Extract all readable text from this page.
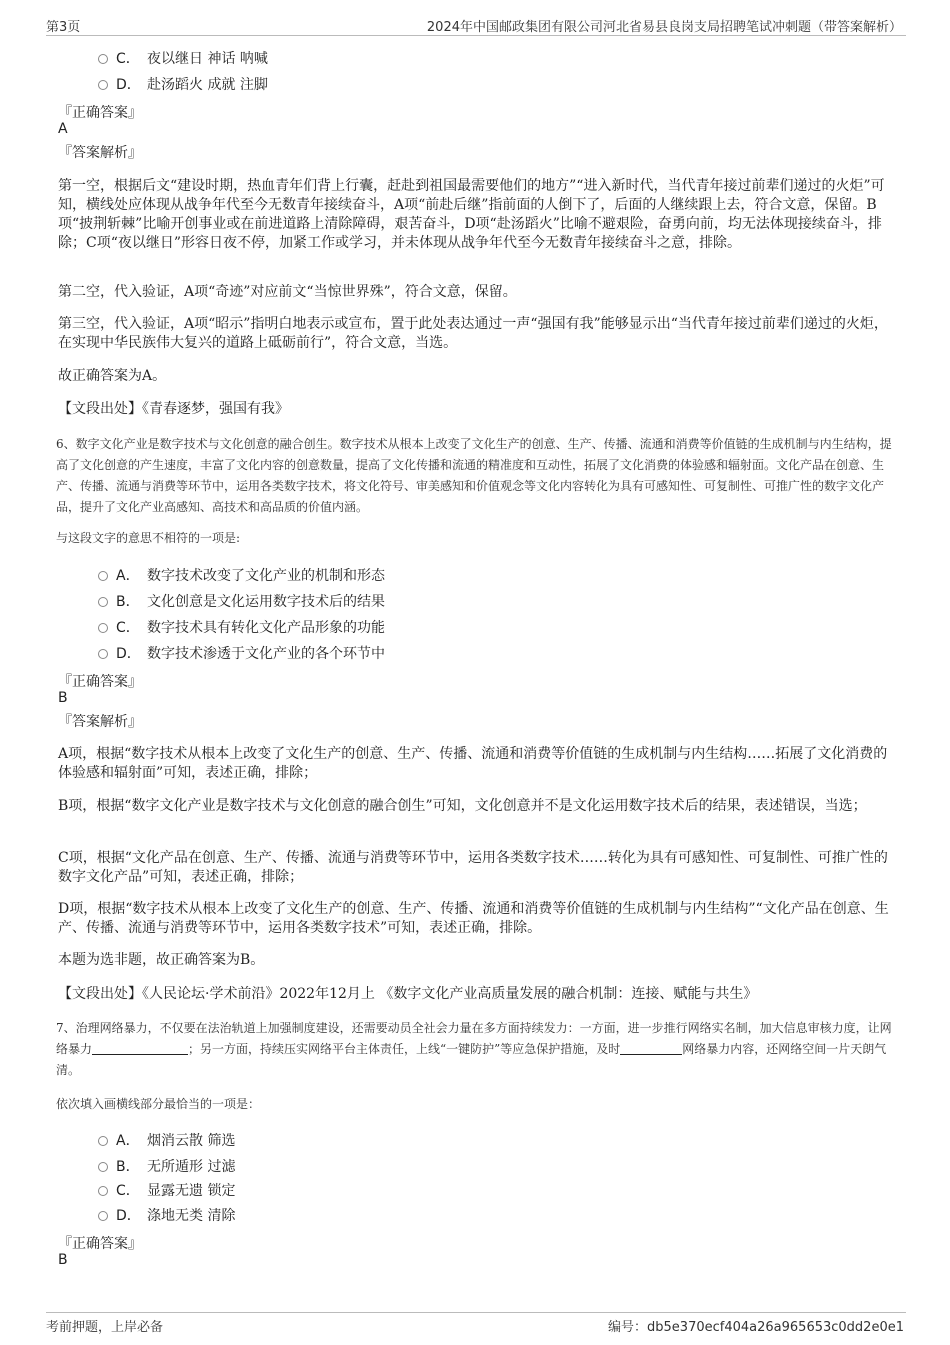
第3页	2024年中国邮政集团有限公司河北省易县良岗支局招聘笔试冲刺题（带答案解析）
C． 夜以继日 神话 呐喊
D． 赴汤蹈火 成就 注脚
『正确答案』
A
『答案解析』
第一空，根据后文“建设时期，热血青年们背上行囊，赶赴到祖国最需要他们的地方”“进入新时代，当代青年接过前辈们递过的火炬”可知，横线处应体现从战争年代至今无数青年接续奋斗，A项“前赴后继”指前面的人倒下了，后面的人继续跟上去，符合文意，保留。B项“披荆斩棘”比喻开创事业或在前进道路上清除障碍，艰苦奋斗，D项“赴汤蹈火”比喻不避艰险，奋勇向前，均无法体现接续奋斗，排除；C项“夜以继日”形容日夜不停，加紧工作或学习，并未体现从战争年代至今无数青年接续奋斗之意，排除。
第二空，代入验证，A项“奇迹”对应前文“当惊世界殊”，符合文意，保留。
第三空，代入验证，A项“昭示”指明白地表示或宣布，置于此处表达通过一声“强国有我”能够显示出“当代青年接过前辈们递过的火炬，在实现中华民族伟大复兴的道路上砥砺前行”，符合文意，当选。
故正确答案为A。
【文段出处】《青春逐梦，强国有我》
6、数字文化产业是数字技术与文化创意的融合创生。数字技术从根本上改变了文化生产的创意、生产、传播、流通和消费等价值链的生成机制与内生结构，提高了文化创意的产生速度，丰富了文化内容的创意数量，提高了文化传播和流通的精准度和互动性，拓展了文化消费的体验感和辐射面。文化产品在创意、生产、传播、流通与消费等环节中，运用各类数字技术，将文化符号、审美感知和价值观念等文化内容转化为具有可感知性、可复制性、可推广性的数字文化产品，提升了文化产业高感知、高技术和高品质的价值内涵。
与这段文字的意思不相符的一项是:
A． 数字技术改变了文化产业的机制和形态
B． 文化创意是文化运用数字技术后的结果
C． 数字技术具有转化文化产品形象的功能
D． 数字技术渗透于文化产业的各个环节中
『正确答案』
B
『答案解析』
A项，根据“数字技术从根本上改变了文化生产的创意、生产、传播、流通和消费等价值链的生成机制与内生结构……拓展了文化消费的体验感和辐射面”可知，表述正确，排除；
B项，根据“数字文化产业是数字技术与文化创意的融合创生”可知，文化创意并不是文化运用数字技术后的结果，表述错误，当选；
C项，根据“文化产品在创意、生产、传播、流通与消费等环节中，运用各类数字技术……转化为具有可感知性、可复制性、可推广性的数字文化产品”可知，表述正确，排除；
D项，根据“数字技术从根本上改变了文化生产的创意、生产、传播、流通和消费等价值链的生成机制与内生结构”“文化产品在创意、生产、传播、流通与消费等环节中，运用各类数字技术”可知，表述正确，排除。
本题为选非题，故正确答案为B。
【文段出处】《人民论坛·学术前沿》2022年12月上 《数字文化产业高质量发展的融合机制：连接、赋能与共生》
7、治理网络暴力，不仅要在法治轨道上加强制度建设，还需要动员全社会力量在多方面持续发力：一方面，进一步推行网络实名制，加大信息审核力度，让网络暴力	；另一方面，持续压实网络平台主体责任，上线“一键防护”等应急保护措施，及时	网络暴力内容，还网络空间一片天朗气清。
依次填入画横线部分最恰当的一项是：
A． 烟消云散 筛选
B． 无所遁形 过滤
C． 显露无遗 锁定
D． 涤地无类 清除
『正确答案』
B
考前押题，上岸必备	编号：db5e370ecf404a26a965653c0dd2e0e1
